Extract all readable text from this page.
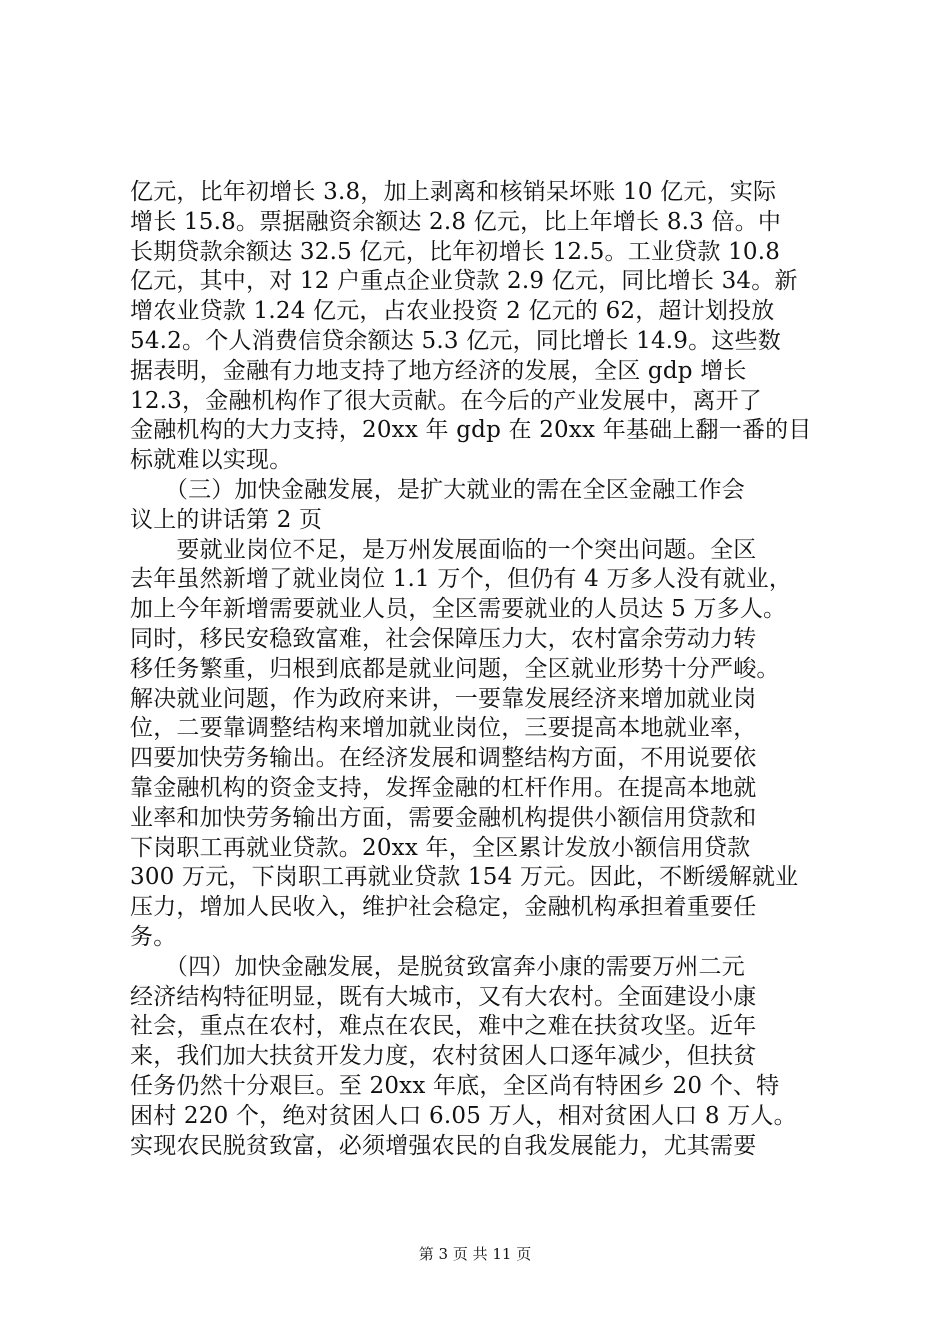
亿元，比年初增长 3.8，加上剥离和核销呆坏账 10 亿元，实际
增长 15.8。票据融资余额达 2.8 亿元，比上年增长 8.3 倍。中
长期贷款余额达 32.5 亿元，比年初增长 12.5。工业贷款 10.8
亿元，其中，对 12 户重点企业贷款 2.9 亿元，同比增长 34。新
增农业贷款 1.24 亿元，占农业投资 2 亿元的 62，超计划投放
54.2。个人消费信贷余额达 5.3 亿元，同比增长 14.9。这些数
据表明，金融有力地支持了地方经济的发展，全区 gdp 增长
12.3，金融机构作了很大贡献。在今后的产业发展中，离开了
金融机构的大力支持，20xx 年 gdp 在 20xx 年基础上翻一番的目
标就难以实现。
　　（三）加快金融发展，是扩大就业的需在全区金融工作会
议上的讲话第 2 页
　　要就业岗位不足，是万州发展面临的一个突出问题。全区
去年虽然新增了就业岗位 1.1 万个，但仍有 4 万多人没有就业，
加上今年新增需要就业人员，全区需要就业的人员达 5 万多人。
同时，移民安稳致富难，社会保障压力大，农村富余劳动力转
移任务繁重，归根到底都是就业问题，全区就业形势十分严峻。
解决就业问题，作为政府来讲，一要靠发展经济来增加就业岗
位，二要靠调整结构来增加就业岗位，三要提高本地就业率，
四要加快劳务输出。在经济发展和调整结构方面，不用说要依
靠金融机构的资金支持，发挥金融的杠杆作用。在提高本地就
业率和加快劳务输出方面，需要金融机构提供小额信用贷款和
下岗职工再就业贷款。20xx 年，全区累计发放小额信用贷款
300 万元，下岗职工再就业贷款 154 万元。因此，不断缓解就业
压力，增加人民收入，维护社会稳定，金融机构承担着重要任
务。
　　（四）加快金融发展，是脱贫致富奔小康的需要万州二元
经济结构特征明显，既有大城市，又有大农村。全面建设小康
社会，重点在农村，难点在农民，难中之难在扶贫攻坚。近年
来，我们加大扶贫开发力度，农村贫困人口逐年减少，但扶贫
任务仍然十分艰巨。至 20xx 年底，全区尚有特困乡 20 个、特
困村 220 个，绝对贫困人口 6.05 万人，相对贫困人口 8 万人。
实现农民脱贫致富，必须增强农民的自我发展能力，尤其需要
第 3 页 共 11 页
